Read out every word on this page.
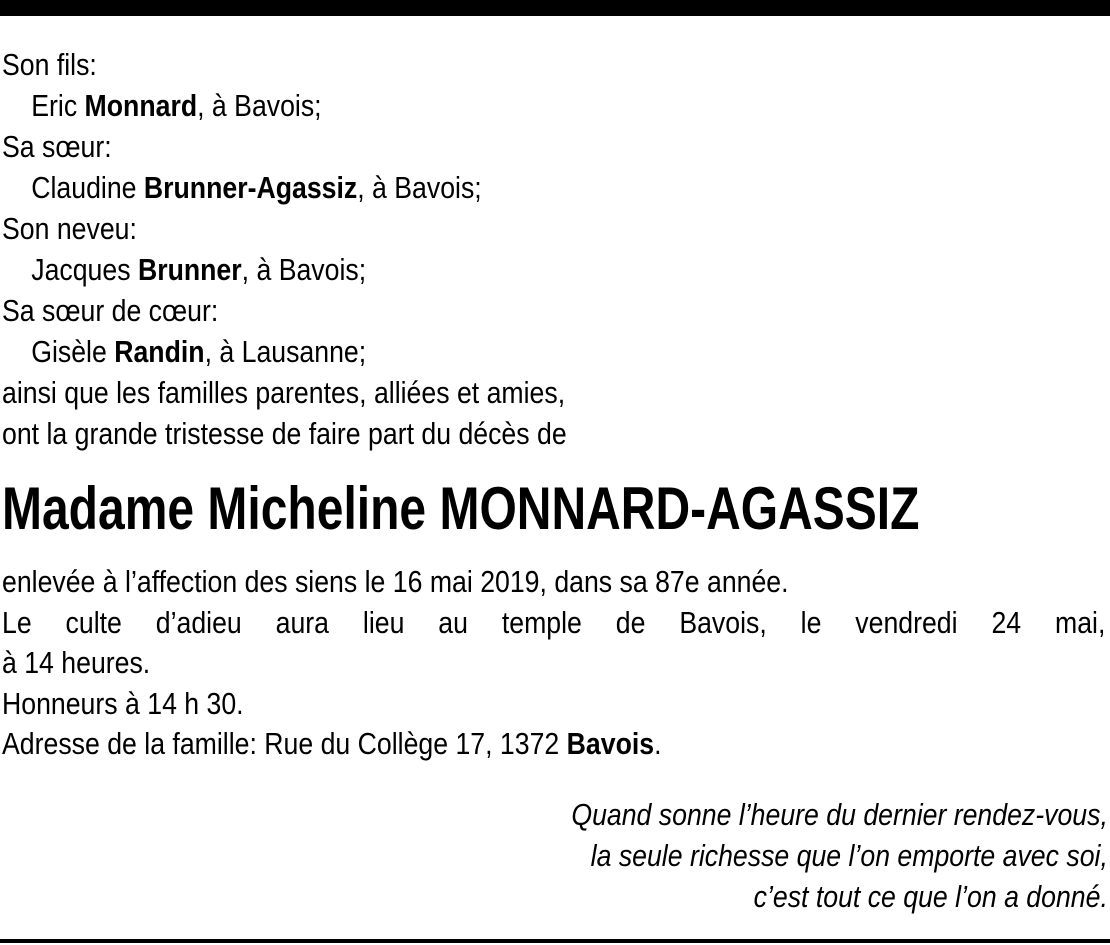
Son fils:
Eric Monnard, à Bavois;
Sa sœur:
Claudine Brunner-Agassiz, à Bavois;
Son neveu:
Jacques Brunner, à Bavois;
Sa sœur de cœur:
Gisèle Randin, à Lausanne;
ainsi que les familles parentes, alliées et amies,
ont la grande tristesse de faire part du décès de
Madame Micheline MONNARD-AGASSIZ
enlevée à l’affection des siens le 16 mai 2019, dans sa 87e année.
Le culte d’adieu aura lieu au temple de Bavois, le vendredi 24 mai,
à 14 heures.
Honneurs à 14 h 30.
Adresse de la famille: Rue du Collège 17, 1372 Bavois.
Quand sonne l’heure du dernier rendez-vous,
la seule richesse que l’on emporte avec soi,
c’est tout ce que l’on a donné.
